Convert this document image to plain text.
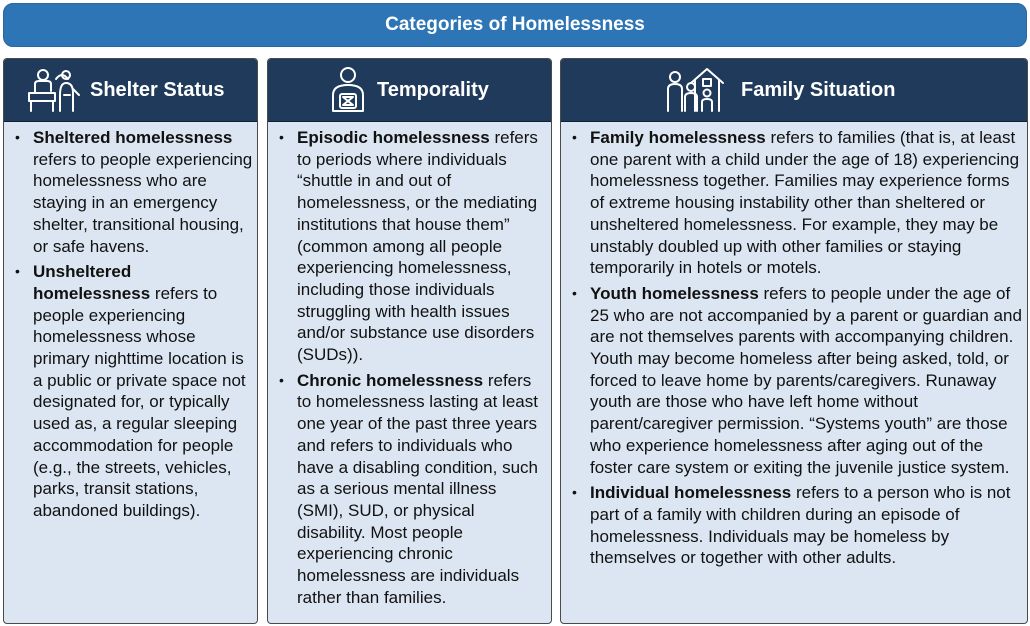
Categories of Homelessness
Shelter Status
• Sheltered homelessness refers to people experiencing homelessness who are staying in an emergency shelter, transitional housing, or safe havens.
• Unsheltered homelessness refers to people experiencing homelessness whose primary nighttime location is a public or private space not designated for, or typically used as, a regular sleeping accommodation for people (e.g., the streets, vehicles, parks, transit stations, abandoned buildings).
Temporality
• Episodic homelessness refers to periods where individuals “shuttle in and out of homelessness, or the mediating institutions that house them” (common among all people experiencing homelessness, including those individuals struggling with health issues and/or substance use disorders (SUDs)).
• Chronic homelessness refers to homelessness lasting at least one year of the past three years and refers to individuals who have a disabling condition, such as a serious mental illness (SMI), SUD, or physical disability. Most people experiencing chronic homelessness are individuals rather than families.
Family Situation
• Family homelessness refers to families (that is, at least one parent with a child under the age of 18) experiencing homelessness together. Families may experience forms of extreme housing instability other than sheltered or unsheltered homelessness. For example, they may be unstably doubled up with other families or staying temporarily in hotels or motels.
• Youth homelessness refers to people under the age of 25 who are not accompanied by a parent or guardian and are not themselves parents with accompanying children. Youth may become homeless after being asked, told, or forced to leave home by parents/caregivers. Runaway youth are those who have left home without parent/caregiver permission. “Systems youth” are those who experience homelessness after aging out of the foster care system or exiting the juvenile justice system.
• Individual homelessness refers to a person who is not part of a family with children during an episode of homelessness. Individuals may be homeless by themselves or together with other adults.
